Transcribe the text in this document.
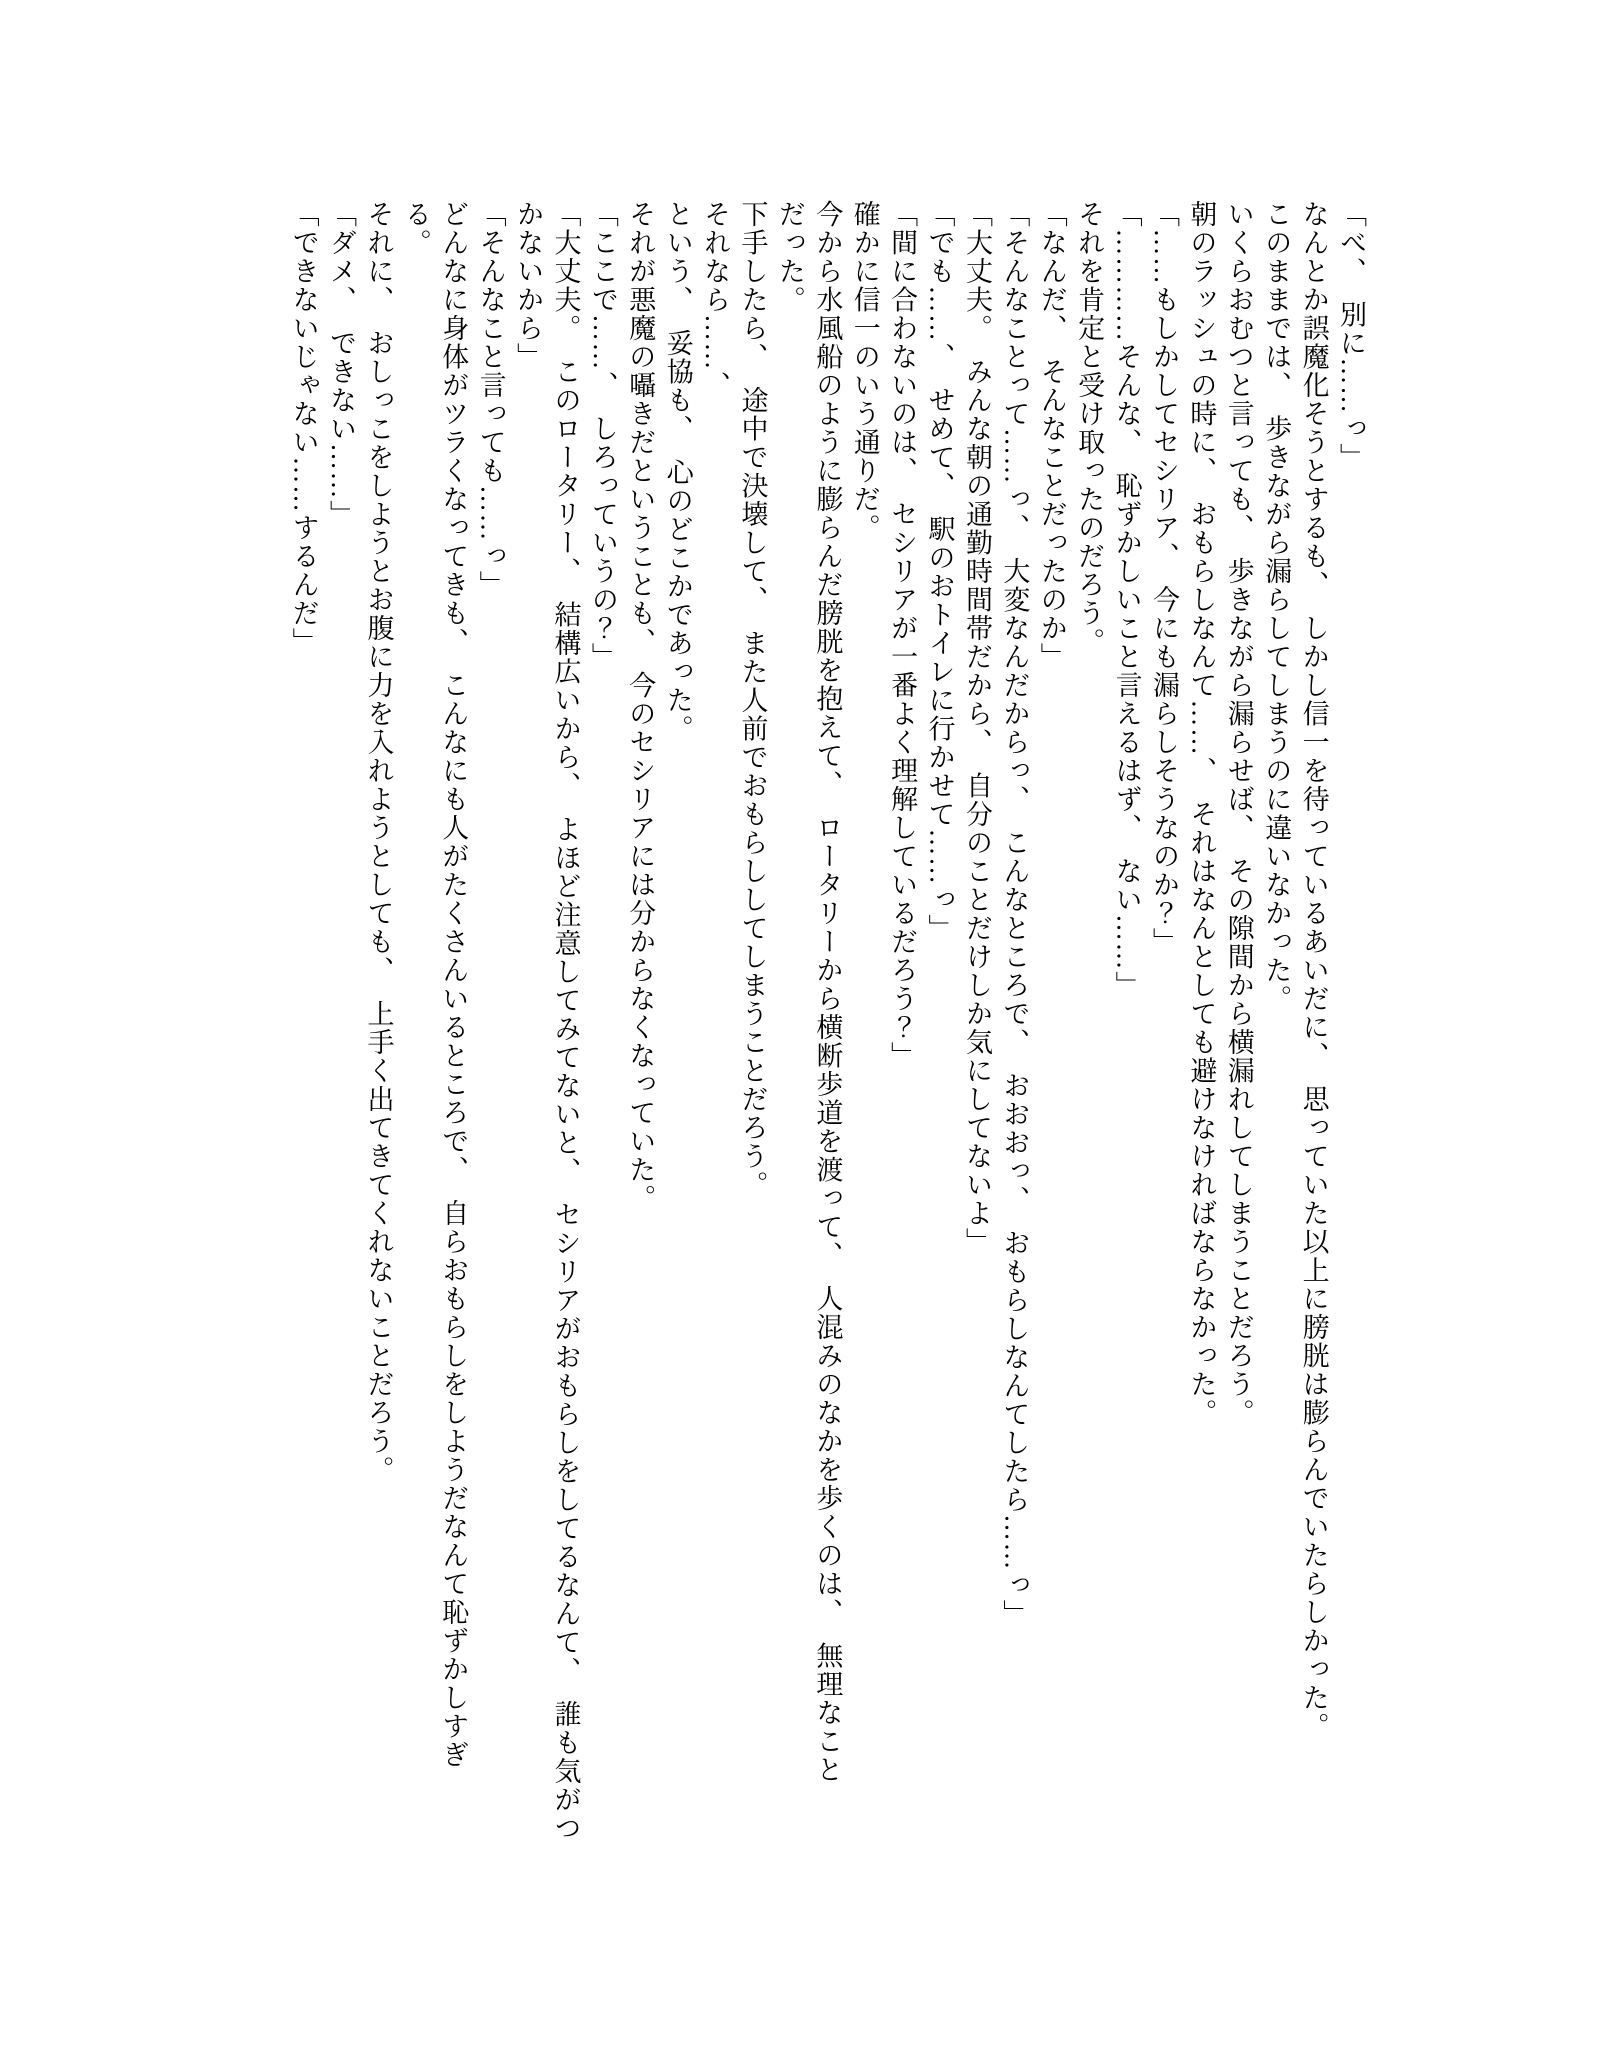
「べ、　別に……っ」
なんとか誤魔化そうとするも、　しかし信一を待っているあいだに、　思っていた以上に膀胱は膨らんでいたらしかった。
このままでは、　歩きながら漏らしてしまうのに違いなかった。
いくらおむつと言っても、　歩きながら漏らせば、　その隙間から横漏れしてしまうことだろう。
朝のラッシュの時に、　おもらしなんて……、　それはなんとしても避けなければならなかった。
「……もしかしてセシリア、　今にも漏らしそうなのか？」
「…………そんな、　恥ずかしいこと言えるはず、　ない……」
それを肯定と受け取ったのだろう。
「なんだ、　そんなことだったのか」
「そんなことって……っ、　大変なんだからっ、　こんなところで、　おおおっ、　おもらしなんてしたら……っ」
「大丈夫。　みんな朝の通勤時間帯だから、　自分のことだけしか気にしてないよ」
「でも……、　せめて、　駅のおトイレに行かせて……っ」
「間に合わないのは、　セシリアが一番よく理解しているだろう？」
確かに信一のいう通りだ。
今から水風船のように膨らんだ膀胱を抱えて、　ロータリーから横断歩道を渡って、　人混みのなかを歩くのは、　無理なこと
だった。
下手したら、　途中で決壊して、　また人前でおもらししてしまうことだろう。
それなら……、
という、　妥協も、　心のどこかであった。
それが悪魔の囁きだということも、　今のセシリアには分からなくなっていた。
「ここで……、　しろっていうの？」
「大丈夫。　このロータリー、　結構広いから、　よほど注意してみてないと、　セシリアがおもらしをしてるなんて、　誰も気がつ
かないから」
「そんなこと言っても……っ」
どんなに身体がツラくなってきも、　こんなにも人がたくさんいるところで、　自らおもらしをしようだなんて恥ずかしすぎ
る。
それに、　おしっこをしようとお腹に力を入れようとしても、　上手く出てきてくれないことだろう。
「ダメ、　できない……」
「できないじゃない……するんだ」
